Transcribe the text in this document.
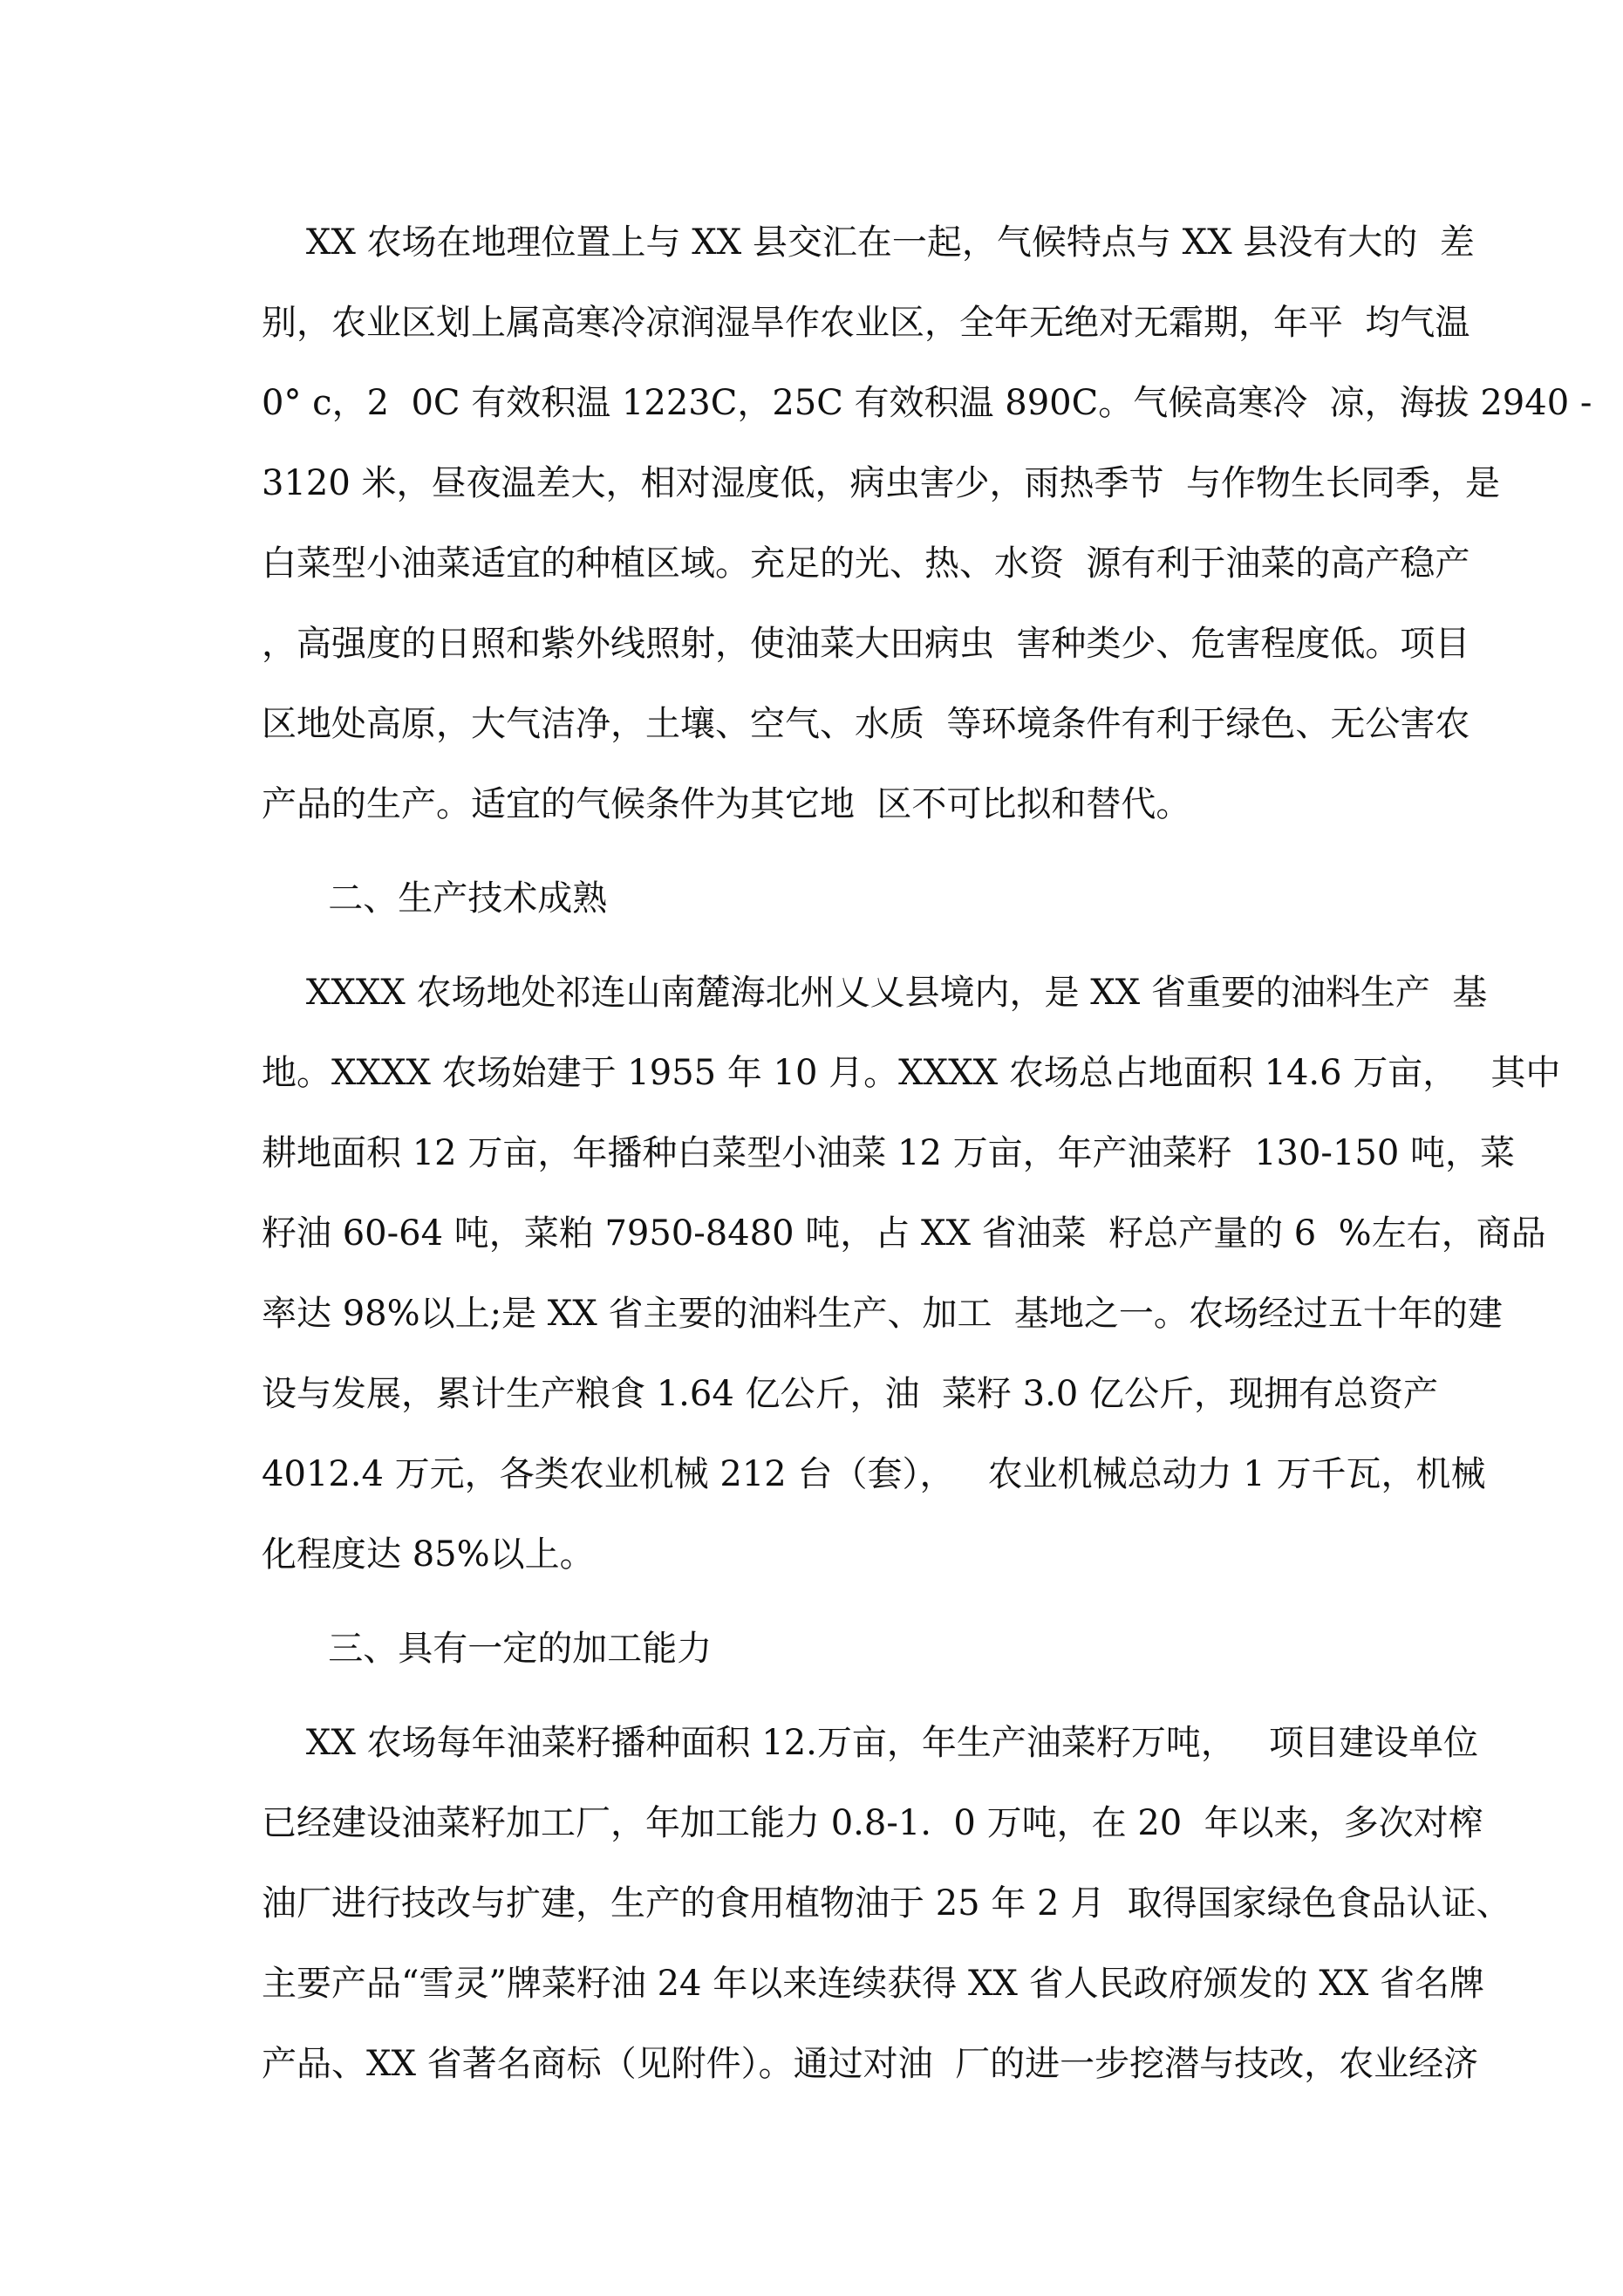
XX 农场在地理位置上与 XX 县交汇在一起，气候特点与 XX 县没有大的  差
别，农业区划上属高寒冷凉润湿旱作农业区，全年无绝对无霜期，年平  均气温
0° c，2  0C 有效积温 1223C，25C 有效积温 890C。气候高寒冷  凉，海拔 2940 -
3120 米，昼夜温差大，相对湿度低，病虫害少，雨热季节  与作物生长同季，是
白菜型小油菜适宜的种植区域。充足的光、热、水资  源有利于油菜的高产稳产
，高强度的日照和紫外线照射，使油菜大田病虫  害种类少、危害程度低。项目
区地处高原，大气洁净，土壤、空气、水质  等环境条件有利于绿色、无公害农
产品的生产。适宜的气候条件为其它地  区不可比拟和替代。
二、生产技术成熟
XXXX 农场地处祁连山南麓海北州乂乂县境内，是 XX 省重要的油料生产  基
地。XXXX 农场始建于 1955 年 10 月。XXXX 农场总占地面积 14.6 万亩，   其中
耕地面积 12 万亩，年播种白菜型小油菜 12 万亩，年产油菜籽  130-150 吨，菜
籽油 60-64 吨，菜粕 7950-8480 吨，占 XX 省油菜  籽总产量的 6  %左右，商品
率达 98%以上;是 XX 省主要的油料生产、加工  基地之一。农场经过五十年的建
设与发展，累计生产粮食 1.64 亿公斤，油  菜籽 3.0 亿公斤，现拥有总资产
4012.4 万元，各类农业机械 212 台（套），   农业机械总动力 1 万千瓦，机械
化程度达 85%以上。
三、具有一定的加工能力
XX 农场每年油菜籽播种面积 12.万亩，年生产油菜籽万吨，   项目建设单位
已经建设油菜籽加工厂，年加工能力 0.8-1.  0 万吨，在 20  年以来，多次对榨
油厂进行技改与扩建，生产的食用植物油于 25 年 2 月  取得国家绿色食品认证、
主要产品“雪灵”牌菜籽油 24 年以来连续获得 XX 省人民政府颁发的 XX 省名牌
产品、XX 省著名商标（见附件）。通过对油  厂的进一步挖潜与技改，农业经济
